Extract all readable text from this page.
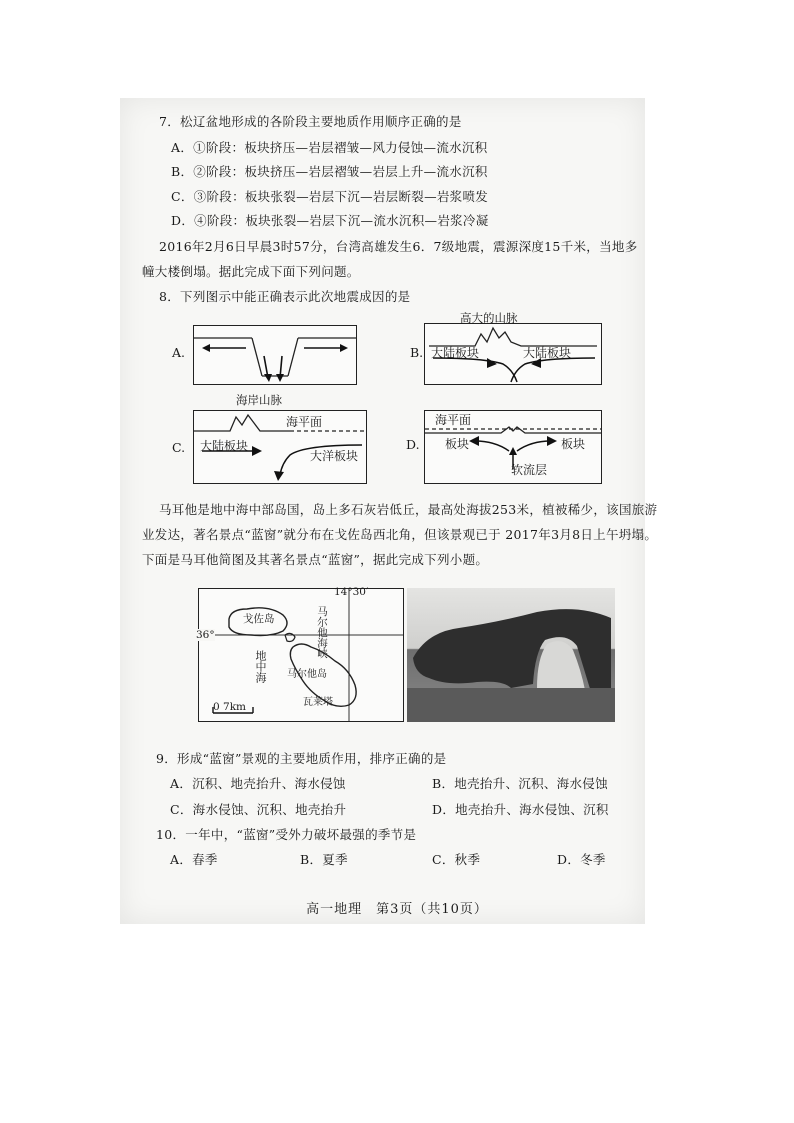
7．松辽盆地形成的各阶段主要地质作用顺序正确的是
A．①阶段：板块挤压—岩层褶皱—风力侵蚀—流水沉积
B．②阶段：板块挤压—岩层褶皱—岩层上升—流水沉积
C．③阶段：板块张裂—岩层下沉—岩层断裂—岩浆喷发
D．④阶段：板块张裂—岩层下沉—流水沉积—岩浆冷凝
2016年2月6日早晨3时57分，台湾高雄发生6．7级地震，震源深度15千米，当地多
幢大楼倒塌。据此完成下面下列问题。
8．下列图示中能正确表示此次地震成因的是
A.	B. 大陆板块	大陆板块
高大的山脉
C. 大陆板块
大洋板块
海平面
海岸山脉
D.
海平面
板块	板块
软流层
马耳他是地中海中部岛国，岛上多石灰岩低丘，最高处海拔253米，植被稀少，该国旅游
业发达，著名景点“蓝窗”就分布在戈佐岛西北角，但该景观已于 2017年3月8日上午坍塌。
下面是马耳他简图及其著名景点“蓝窗”，据此完成下列小题。
戈佐岛
瓦莱塔
马尔他岛
0 7km
14°30′
36°	马尔他海峡
地中海
9．形成“蓝窗”景观的主要地质作用，排序正确的是
A．沉积、地壳抬升、海水侵蚀	B．地壳抬升、沉积、海水侵蚀
C．海水侵蚀、沉积、地壳抬升	D．地壳抬升、海水侵蚀、沉积
10．一年中，“蓝窗”受外力破坏最强的季节是
A．春季	B．夏季	C．秋季	D．冬季
高一地理　第3页（共10页）
